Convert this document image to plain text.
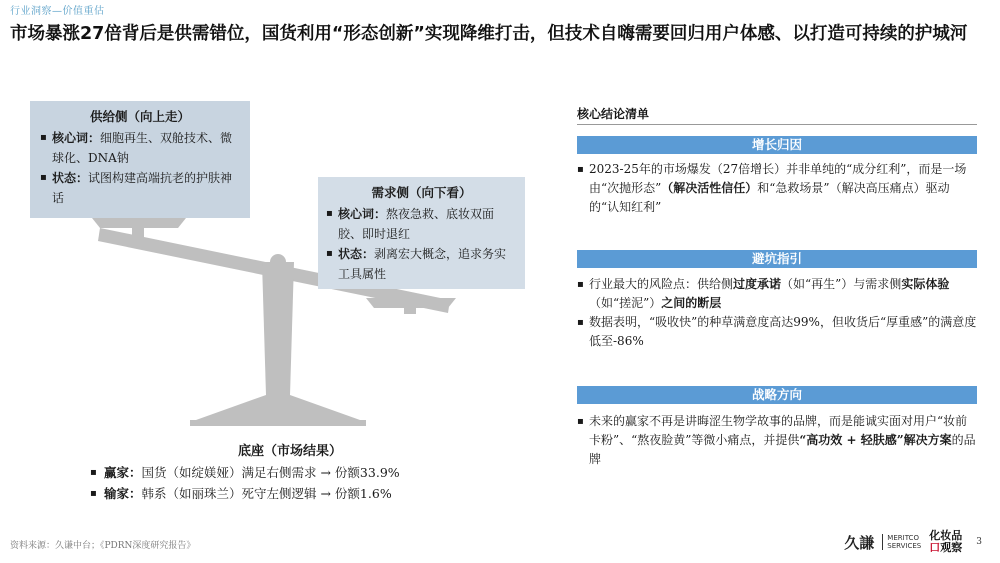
行业洞察—价值重估
市场暴涨27倍背后是供需错位，国货利用“形态创新”实现降维打击，但技术自嗨需要回归用户体感、以打造可持续的护城河
供给侧（向上走）
▪ 核心词：细胞再生、双舱技术、微球化、DNA钠
▪ 状态：试图构建高端抗老的护肤神话	需求侧（向下看）
▪ 核心词：熬夜急救、底妆双面胶、即时退红
▪ 状态：剥离宏大概念，追求务实工具属性
底座（市场结果）
▪ 赢家：国货（如绽媄娅）满足右侧需求 → 份额33.9%
▪ 输家：韩系（如丽珠兰）死守左侧逻辑 → 份额1.6%
核心结论清单
增长归因
▪ 2023-25年的市场爆发（27倍增长）并非单纯的“成分红利”，而是一场由“次抛形态”（解决活性信任）和“急救场景”（解决高压痛点）驱动的“认知红利”
避坑指引
▪ 行业最大的风险点：供给侧过度承诺（如“再生”）与需求侧实际体验（如“搓泥”）之间的断层
▪ 数据表明，“吸收快”的种草满意度高达99%，但收货后“厚重感”的满意度低至-86%
战略方向
▪ 未来的赢家不再是讲晦涩生物学故事的品牌，而是能诚实面对用户“妆前卡粉”、“熬夜脸黄”等微小痛点，并提供“高功效 + 轻肤感”解决方案的品牌
资料来源：久谦中台；《PDRN深度研究报告》	久謙 MERITCO
SERVICES
化妆品
口观察 3
